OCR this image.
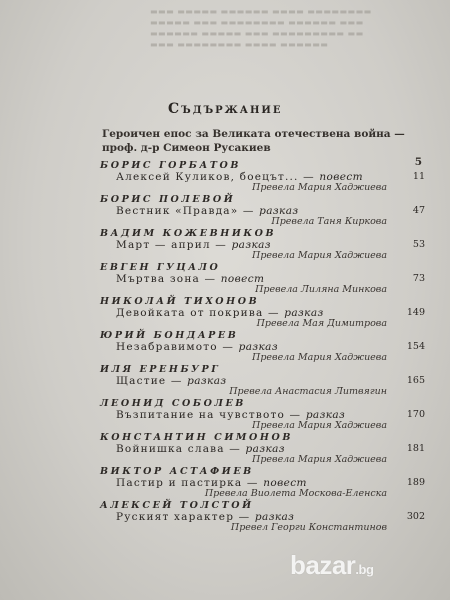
▬▬▬ ▬▬▬▬▬ ▬▬▬▬▬▬ ▬▬▬▬ ▬▬▬▬▬▬▬▬
▬▬▬▬▬ ▬▬▬ ▬▬▬▬▬▬▬▬ ▬▬▬▬▬▬ ▬▬▬
▬▬▬▬▬▬ ▬▬▬▬▬ ▬▬▬ ▬▬▬▬▬▬▬▬▬ ▬▬
▬▬▬ ▬▬▬▬▬▬▬▬ ▬▬▬▬ ▬▬▬▬▬▬
Съдържание
Героичен епос за Великата отечествена война — проф. д-р Симеон Русакиев
5
БОРИС ГОРБАТОВ
Алексей Куликов, боецът... — повест
Превела Мария Хаджиева
11
БОРИС ПОЛЕВОЙ
Вестник «Правда» — разказ
Превела Таня Киркова
47
ВАДИМ КОЖЕВНИКОВ
Март — април — разказ
Превела Мария Хаджиева
53
ЕВГЕН ГУЦАЛО
Мъртва зона — повест
Превела Лиляна Минкова
73
НИКОЛАЙ ТИХОНОВ
Девойката от покрива — разказ
Превела Мая Димитрова
149
ЮРИЙ БОНДАРЕВ
Незабравимото — разказ
Превела Мария Хаджиева
154
ИЛЯ ЕРЕНБУРГ
Щастие — разказ
Превела Анастасия Литвягин
165
ЛЕОНИД СОБОЛЕВ
Възпитание на чувството — разказ
Превела Мария Хаджиева
170
КОНСТАНТИН СИМОНОВ
Войнишка слава — разказ
Превела Мария Хаджиева
181
ВИКТОР АСТАФИЕВ
Пастир и пастирка — повест
Превела Виолета Москова-Еленска
189
АЛЕКСЕЙ ТОЛСТОЙ
Руският характер — разказ
Превел Георги Константинов
302
bazar.bg
